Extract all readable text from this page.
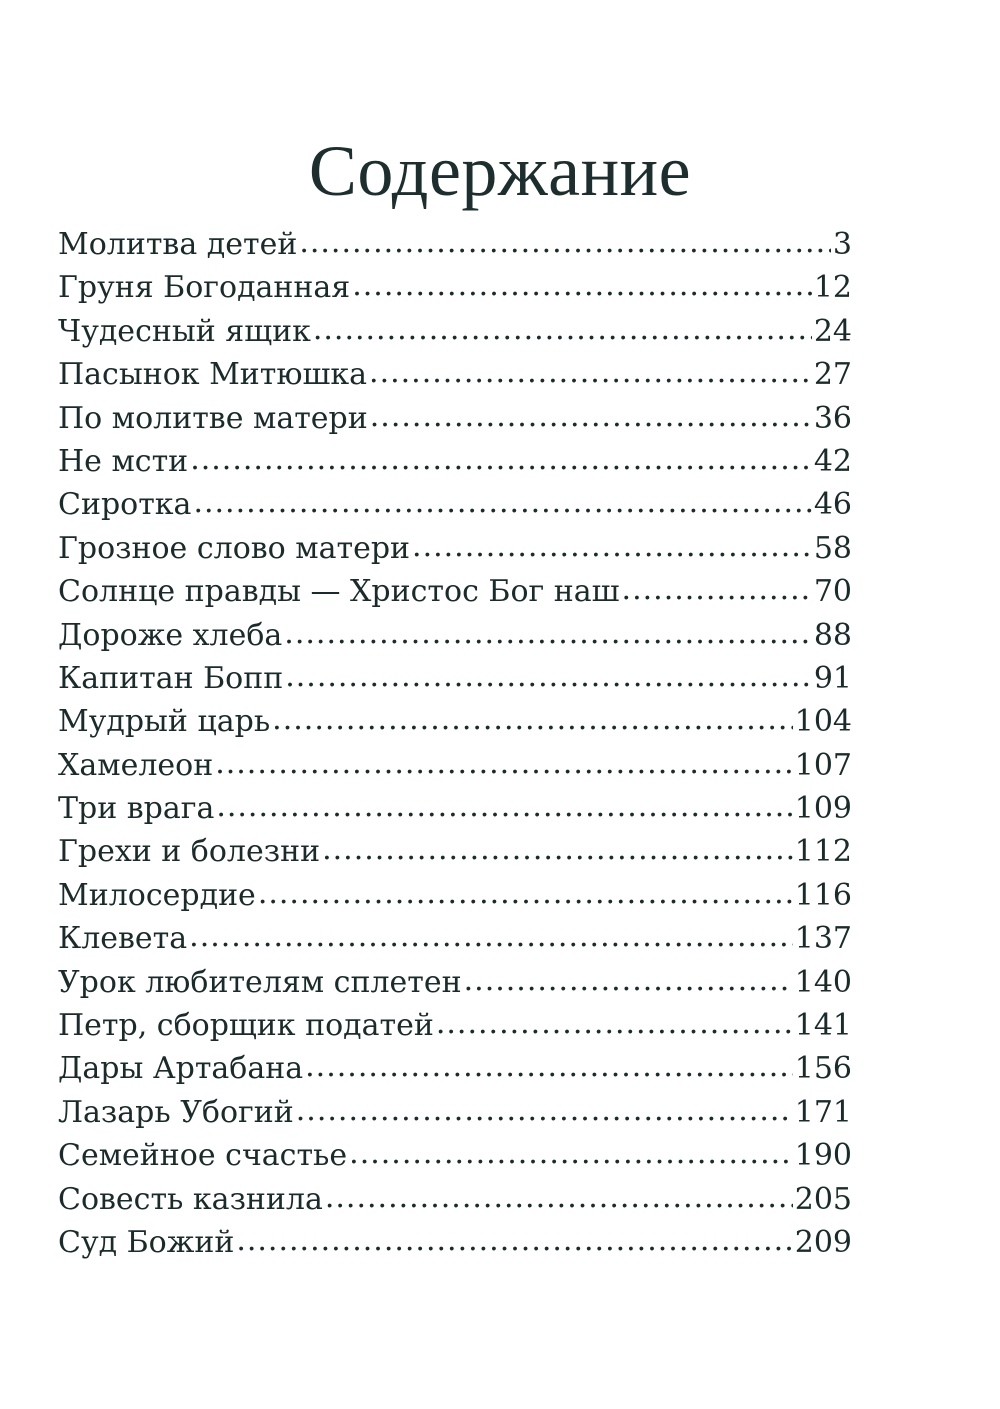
Содержание
Молитва детей .....	3
Груня Богоданная .....	12
Чудесный ящик .....	24
Пасынок Митюшка .....	27
По молитве матери .....	36
Не мсти .....	42
Сиротка .....	46
Грозное слово матери .....	58
Солнце правды — Христос Бог наш .....	70
Дороже хлеба .....	88
Капитан Бопп .....	91
Мудрый царь .....	104
Хамелеон .....	107
Три врага .....	109
Грехи и болезни .....	112
Милосердие .....	116
Клевета .....	137
Урок любителям сплетен .....	140
Петр, сборщик податей .....	141
Дары Артабана .....	156
Лазарь Убогий .....	171
Семейное счастье .....	190
Совесть казнила .....	205
Суд Божий .....	209
